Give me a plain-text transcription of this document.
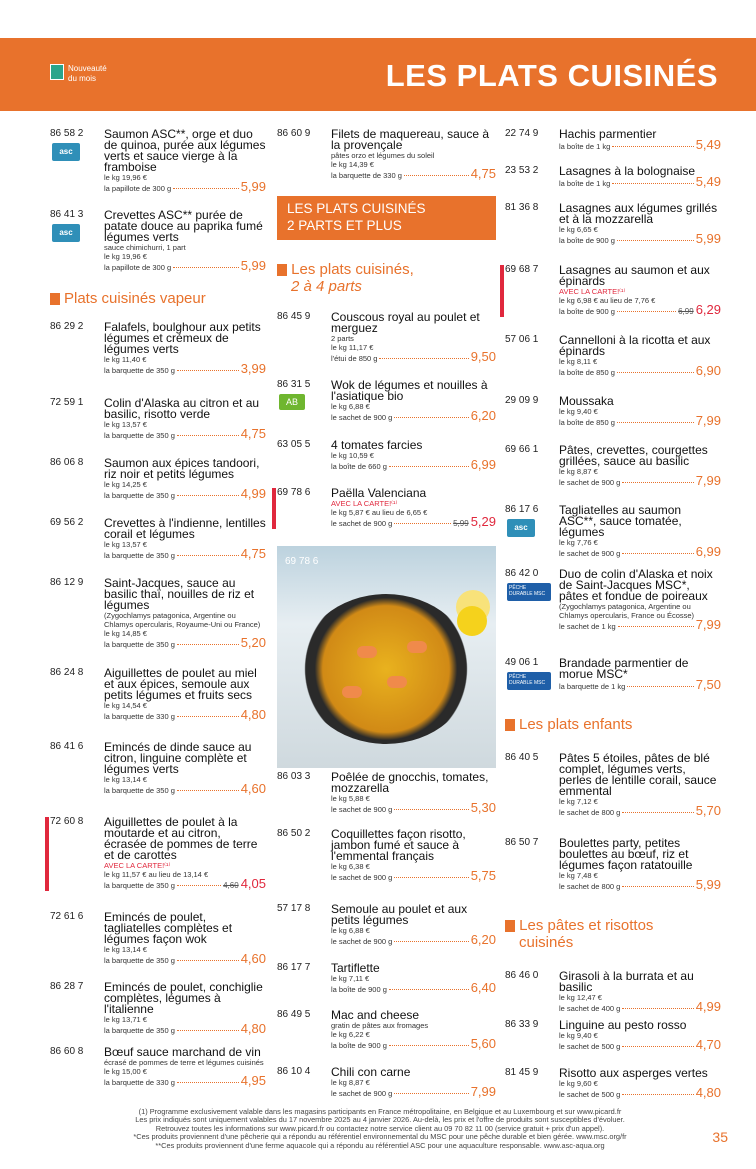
Nouveauté
du mois	LES PLATS CUISINÉS
Plats cuisinés vapeur
LES PLATS CUISINÉS
2 PARTS ET PLUS
Les plats cuisinés,
2 à 4 parts
Les plats enfants
Les pâtes et risottos
cuisinés
69 78 6
86 58 2
asc
Saumon ASC**, orge et duo de quinoa, purée aux légumes verts et sauce vierge à la framboise
le kg 19,96 €
la papillote de 300 g	5,99
86 41 3
asc
Crevettes ASC** purée de patate douce au paprika fumé légumes verts
sauce chimichurri, 1 part
le kg 19,96 €
la papillote de 300 g	5,99
86 29 2 Falafels, boulghour aux petits légumes et crémeux de légumes verts
le kg 11,40 €
la barquette de 350 g	3,99
72 59 1 Colin d'Alaska au citron et au basilic, risotto verde
le kg 13,57 €
la barquette de 350 g	4,75
86 06 8 Saumon aux épices tandoori, riz noir et petits légumes
le kg 14,25 €
la barquette de 350 g	4,99
69 56 2 Crevettes à l'indienne, lentilles corail et légumes
le kg 13,57 €
la barquette de 350 g	4,75
86 12 9 Saint-Jacques, sauce au basilic thaï, nouilles de riz et légumes
(Zygochlamys patagonica, Argentine ou Chlamys opercularis, Royaume-Uni ou France)
le kg 14,85 €
la barquette de 350 g	5,20
86 24 8 Aiguillettes de poulet au miel et aux épices, semoule aux petits légumes et fruits secs
le kg 14,54 €
la barquette de 330 g	4,80
86 41 6 Emincés de dinde sauce au citron, linguine complète et légumes verts
le kg 13,14 €
la barquette de 350 g	4,60
72 60 8 Aiguillettes de poulet à la moutarde et au citron, écrasée de pommes de terre et de carottes
AVEC LA CARTE!⁽¹⁾
le kg 11,57 € au lieu de 13,14 €
la barquette de 350 g	4,60 4,05
72 61 6 Emincés de poulet, tagliatelles complètes et légumes façon wok
le kg 13,14 €
la barquette de 350 g	4,60
86 28 7 Emincés de poulet, conchiglie complètes, légumes à l'italienne
le kg 13,71 €
la barquette de 350 g	4,80
86 60 8 Bœuf sauce marchand de vin
écrasé de pommes de terre et légumes cuisinés
le kg 15,00 €
la barquette de 330 g	4,95
86 60 9 Filets de maquereau, sauce à la provençale
pâtes orzo et légumes du soleil
le kg 14,39 €
la barquette de 330 g	4,75
86 45 9 Couscous royal au poulet et merguez
2 parts
le kg 11,17 €
l'étui de 850 g	9,50
86 31 5
AB
Wok de légumes et nouilles à l'asiatique bio
le kg 6,88 €
le sachet de 900 g	6,20
63 05 5 4 tomates farcies
le kg 10,59 €
la boîte de 660 g	6,99
69 78 6 Paëlla Valenciana
AVEC LA CARTE!⁽¹⁾
le kg 5,87 € au lieu de 6,65 €
le sachet de 900 g	5,99 5,29
86 03 3 Poêlée de gnocchis, tomates, mozzarella
le kg 5,88 €
le sachet de 900 g	5,30
86 50 2 Coquillettes façon risotto, jambon fumé et sauce à l'emmental français
le kg 6,38 €
le sachet de 900 g	5,75
57 17 8 Semoule au poulet et aux petits légumes
le kg 6,88 €
le sachet de 900 g	6,20
86 17 7 Tartiflette
le kg 7,11 €
la boîte de 900 g	6,40
86 49 5 Mac and cheese
gratin de pâtes aux fromages
le kg 6,22 €
la boîte de 900 g	5,60
86 10 4 Chili con carne
le kg 8,87 €
le sachet de 900 g	7,99
22 74 9 Hachis parmentier
la boîte de 1 kg	5,49
23 53 2 Lasagnes à la bolognaise
la boîte de 1 kg	5,49
81 36 8 Lasagnes aux légumes grillés et à la mozzarella
le kg 6,65 €
la boîte de 900 g	5,99
69 68 7 Lasagnes au saumon et aux épinards
AVEC LA CARTE!⁽¹⁾
le kg 6,98 € au lieu de 7,76 €
la boîte de 900 g	6,99 6,29
57 06 1 Cannelloni à la ricotta et aux épinards
le kg 8,11 €
la boîte de 850 g	6,90
29 09 9 Moussaka
le kg 9,40 €
la boîte de 850 g	7,99
69 66 1 Pâtes, crevettes, courgettes grillées, sauce au basilic
le kg 8,87 €
le sachet de 900 g	7,99
86 17 6
asc
Tagliatelles au saumon ASC**, sauce tomatée, légumes
le kg 7,76 €
le sachet de 900 g	6,99
86 42 0
PÊCHE DURABLE MSC
Duo de colin d'Alaska et noix de Saint-Jacques MSC*, pâtes et fondue de poireaux
(Zygochlamys patagonica, Argentine ou Chlamys opercularis, France ou Écosse)
le sachet de 1 kg	7,99
49 06 1
PÊCHE DURABLE MSC
Brandade parmentier de morue MSC*
la barquette de 1 kg	7,50
86 40 5 Pâtes 5 étoiles, pâtes de blé complet, légumes verts, perles de lentille corail, sauce emmental
le kg 7,12 €
le sachet de 800 g	5,70
86 50 7 Boulettes party, petites boulettes au bœuf, riz et légumes façon ratatouille
le kg 7,48 €
le sachet de 800 g	5,99
86 46 0 Girasoli à la burrata et au basilic
le kg 12,47 €
le sachet de 400 g	4,99
86 33 9 Linguine au pesto rosso
le kg 9,40 €
le sachet de 500 g	4,70
81 45 9 Risotto aux asperges vertes
le kg 9,60 €
le sachet de 500 g	4,80
(1) Programme exclusivement valable dans les magasins participants en France métropolitaine, en Belgique et au Luxembourg et sur www.picard.fr
Les prix indiqués sont uniquement valables du 17 novembre 2025 au 4 janvier 2026. Au-delà, les prix et l'offre de produits sont susceptibles d'évoluer.
Retrouvez toutes les informations sur www.picard.fr ou contactez notre service client au 09 70 82 11 00 (service gratuit + prix d'un appel).
*Ces produits proviennent d'une pêcherie qui a répondu au référentiel environnemental du MSC pour une pêche durable et bien gérée. www.msc.org/fr
**Ces produits proviennent d'une ferme aquacole qui a répondu au référentiel ASC pour une aquaculture responsable. www.asc-aqua.org
35
